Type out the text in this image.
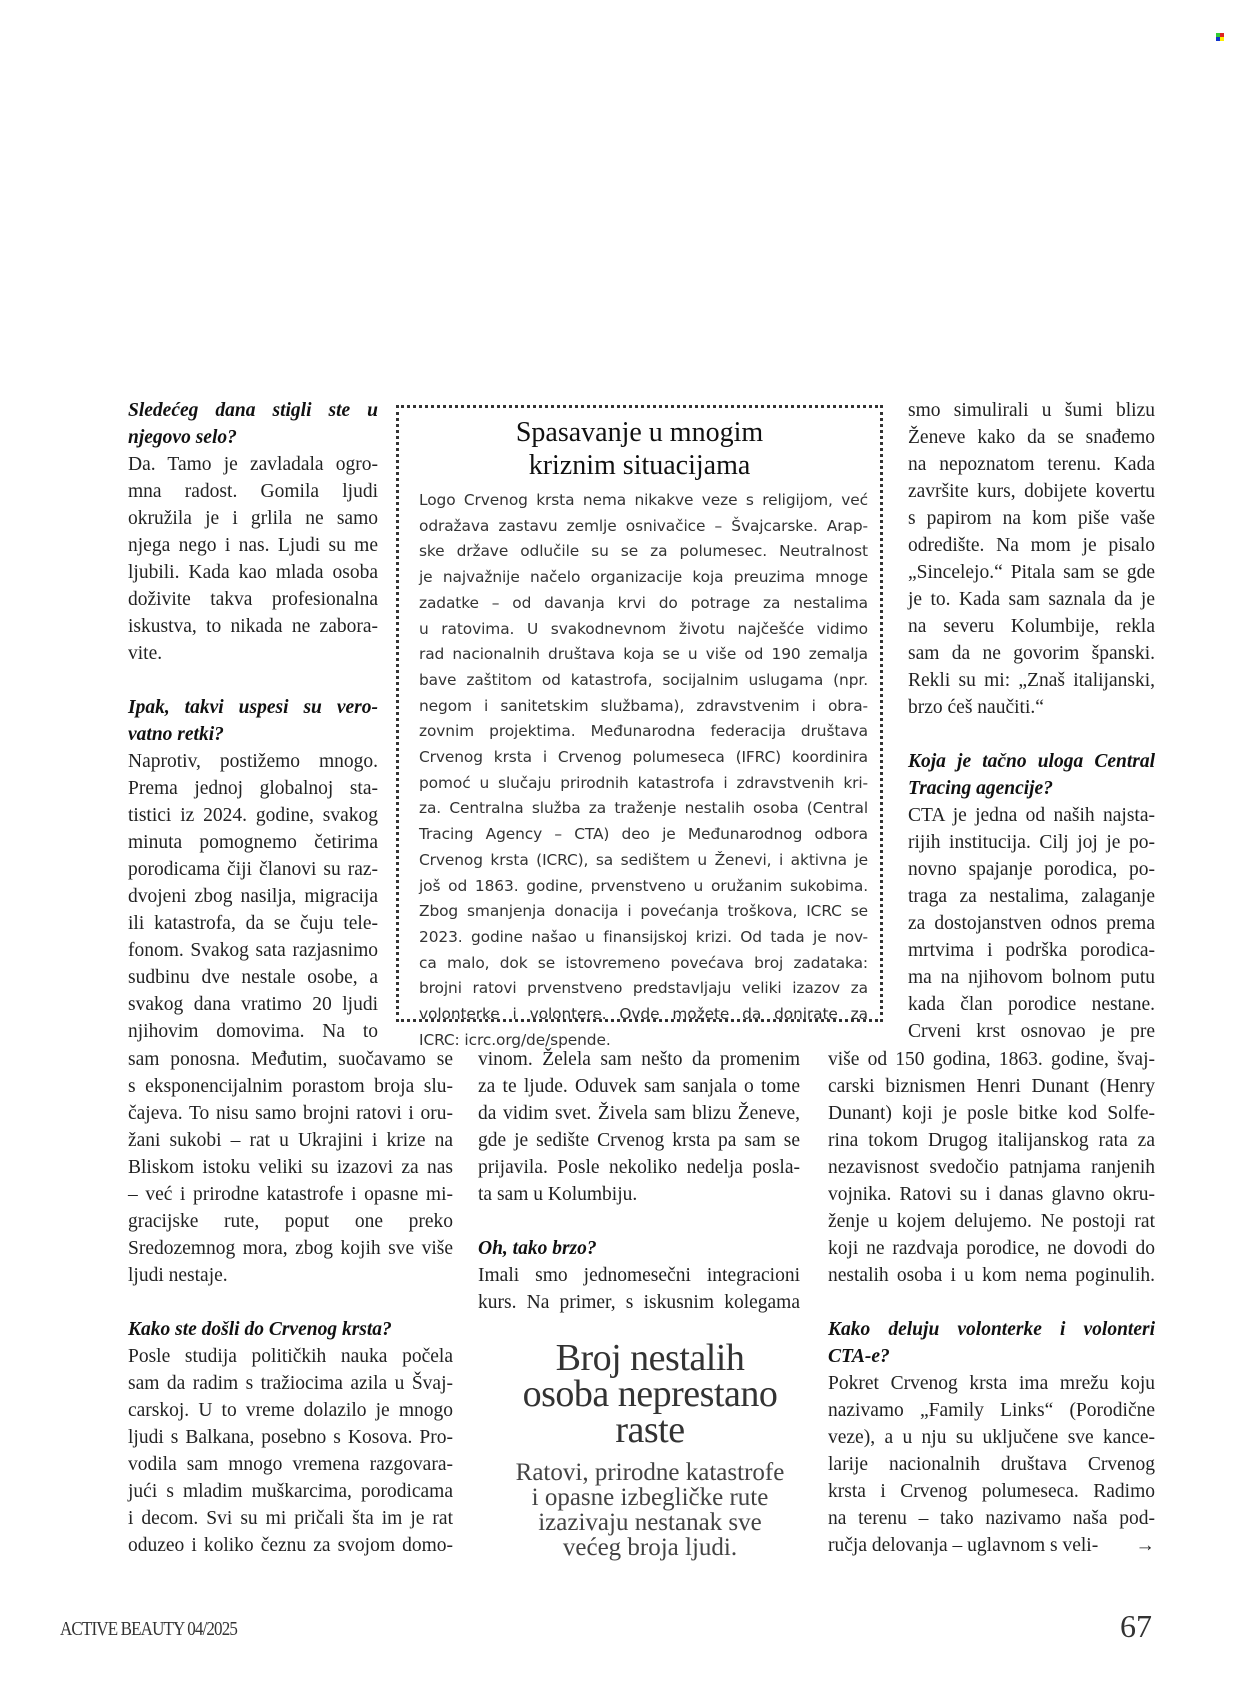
Sledećeg dana stigli ste u
njegovo selo?
Da. Tamo je zavladala ogro-
mna radost. Gomila ljudi
okružila je i grlila ne samo
njega nego i nas. Ljudi su me
ljubili. Kada kao mlada osoba
doživite takva profesionalna
iskustva, to nikada ne zabora-
vite.
Ipak, takvi uspesi su vero-
vatno retki?
Naprotiv, postižemo mnogo.
Prema jednoj globalnoj sta-
tistici iz 2024. godine, svakog
minuta pomognemo četirima
porodicama čiji članovi su raz-
dvojeni zbog nasilja, migracija
ili katastrofa, da se čuju tele-
fonom. Svakog sata razjasnimo
sudbinu dve nestale osobe, a
svakog dana vratimo 20 ljudi
njihovim domovima. Na to
sam ponosna. Međutim, suočavamo se
s eksponencijalnim porastom broja slu-
čajeva. To nisu samo brojni ratovi i oru-
žani sukobi – rat u Ukrajini i krize na
Bliskom istoku veliki su izazovi za nas
– već i prirodne katastrofe i opasne mi-
gracijske rute, poput one preko
Sredozemnog mora, zbog kojih sve više
ljudi nestaje.
Kako ste došli do Crvenog krsta?
Posle studija političkih nauka počela
sam da radim s tražiocima azila u Švaj-
carskoj. U to vreme dolazilo je mnogo
ljudi s Balkana, posebno s Kosova. Pro-
vodila sam mnogo vremena razgovara-
jući s mladim muškarcima, porodicama
i decom. Svi su mi pričali šta im je rat
oduzeo i koliko čeznu za svojom domo-
Spasavanje u mnogim
kriznim situacijama
Logo Crvenog krsta nema nikakve veze s religijom, već
odražava zastavu zemlje osnivačice – Švajcarske. Arap-
ske države odlučile su se za polumesec. Neutralnost
je najvažnije načelo organizacije koja preuzima mnoge
zadatke – od davanja krvi do potrage za nestalima
u ratovima. U svakodnevnom životu najčešće vidimo
rad nacionalnih društava koja se u više od 190 zemalja
bave zaštitom od katastrofa, socijalnim uslugama (npr.
negom i sanitetskim službama), zdravstvenim i obra-
zovnim projektima. Međunarodna federacija društava
Crvenog krsta i Crvenog polumeseca (IFRC) koordinira
pomoć u slučaju prirodnih katastrofa i zdravstvenih kri-
za. Centralna služba za traženje nestalih osoba (Central
Tracing Agency – CTA) deo je Međunarodnog odbora
Crvenog krsta (ICRC), sa sedištem u Ženevi, i aktivna je
još od 1863. godine, prvenstveno u oružanim sukobima.
Zbog smanjenja donacija i povećanja troškova, ICRC se
2023. godine našao u finansijskoj krizi. Od tada je nov-
ca malo, dok se istovremeno povećava broj zadataka:
brojni ratovi prvenstveno predstavljaju veliki izazov za
volonterke i volontere. Ovde možete da donirate za
ICRC: icrc.org/de/spende.
vinom. Želela sam nešto da promenim
za te ljude. Oduvek sam sanjala o tome
da vidim svet. Živela sam blizu Ženeve,
gde je sedište Crvenog krsta pa sam se
prijavila. Posle nekoliko nedelja posla-
ta sam u Kolumbiju.
Oh, tako brzo?
Imali smo jednomesečni integracioni
kurs. Na primer, s iskusnim kolegama
Broj nestalih
osoba neprestano
raste
Ratovi, prirodne katastrofe
i opasne izbegličke rute
izazivaju nestanak sve
većeg broja ljudi.
smo simulirali u šumi blizu
Ženeve kako da se snađemo
na nepoznatom terenu. Kada
završite kurs, dobijete kovertu
s papirom na kom piše vaše
odredište. Na mom je pisalo
„Sincelejo.“ Pitala sam se gde
je to. Kada sam saznala da je
na severu Kolumbije, rekla
sam da ne govorim španski.
Rekli su mi: „Znaš italijanski,
brzo ćeš naučiti.“
Koja je tačno uloga Central
Tracing agencije?
CTA je jedna od naših najsta-
rijih institucija. Cilj joj je po-
novno spajanje porodica, po-
traga za nestalima, zalaganje
za dostojanstven odnos prema
mrtvima i podrška porodica-
ma na njihovom bolnom putu
kada član porodice nestane.
Crveni krst osnovao je pre
više od 150 godina, 1863. godine, švaj-
carski biznismen Henri Dunant (Henry
Dunant) koji je posle bitke kod Solfe-
rina tokom Drugog italijanskog rata za
nezavisnost svedočio patnjama ranjenih
vojnika. Ratovi su i danas glavno okru-
ženje u kojem delujemo. Ne postoji rat
koji ne razdvaja porodice, ne dovodi do
nestalih osoba i u kom nema poginulih.
Kako deluju volonterke i volonteri
CTA-e?
Pokret Crvenog krsta ima mrežu koju
nazivamo „Family Links“ (Porodične
veze), a u nju su uključene sve kance-
larije nacionalnih društava Crvenog
krsta i Crvenog polumeseca. Radimo
na terenu – tako nazivamo naša pod-
ručja delovanja – uglavnom s veli- →
ACTIVE BEAUTY 04/2025	67
